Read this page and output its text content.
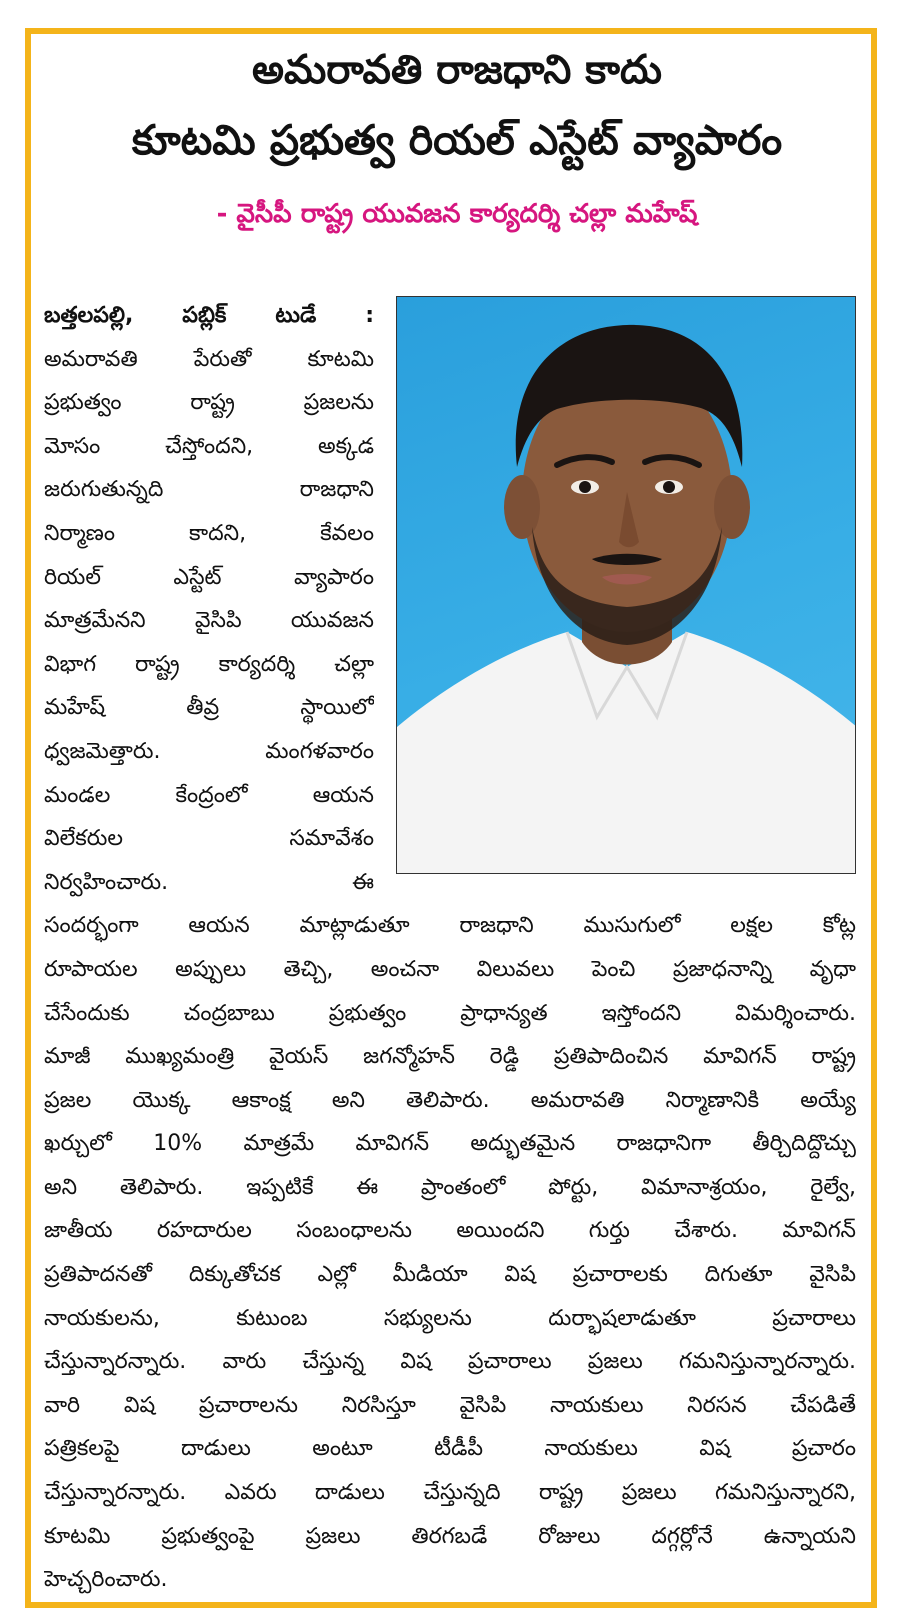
అమరావతి రాజధాని కాదు
కూటమి ప్రభుత్వ రియల్ ఎస్టేట్ వ్యాపారం
- వైసీపీ రాష్ట్ర యువజన కార్యదర్శి చల్లా మహేష్
బత్తలపల్లి, పబ్లిక్ టుడే :
అమరావతి పేరుతో కూటమి
ప్రభుత్వం రాష్ట్ర ప్రజలను
మోసం చేస్తోందని, అక్కడ
జరుగుతున్నది రాజధాని
నిర్మాణం కాదని, కేవలం
రియల్ ఎస్టేట్ వ్యాపారం
మాత్రమేనని వైసిపి యువజన
విభాగ రాష్ట్ర కార్యదర్శి చల్లా
మహేష్ తీవ్ర స్థాయిలో
ధ్వజమెత్తారు. మంగళవారం
మండల కేంద్రంలో ఆయన
విలేకరుల సమావేశం
నిర్వహించారు. ఈ
సందర్భంగా ఆయన మాట్లాడుతూ రాజధాని ముసుగులో లక్షల కోట్ల
రూపాయల అప్పులు తెచ్చి, అంచనా విలువలు పెంచి ప్రజాధనాన్ని వృధా
చేసేందుకు చంద్రబాబు ప్రభుత్వం ప్రాధాన్యత ఇస్తోందని విమర్శించారు.
మాజీ ముఖ్యమంత్రి వైయస్ జగన్మోహన్ రెడ్డి ప్రతిపాదించిన మావిగన్ రాష్ట్ర
ప్రజల యొక్క ఆకాంక్ష అని తెలిపారు. అమరావతి నిర్మాణానికి అయ్యే
ఖర్చులో 10% మాత్రమే మావిగన్ అద్భుతమైన రాజధానిగా తీర్చిదిద్దొచ్చు
అని తెలిపారు. ఇప్పటికే ఈ ప్రాంతంలో పోర్టు, విమానాశ్రయం, రైల్వే,
జాతీయ రహదారుల సంబంధాలను అయిందని గుర్తు చేశారు. మావిగన్
ప్రతిపాదనతో దిక్కుతోచక ఎల్లో మీడియా విష ప్రచారాలకు దిగుతూ వైసిపి
నాయకులను, కుటుంబ సభ్యులను దుర్భాషలాడుతూ ప్రచారాలు
చేస్తున్నారన్నారు. వారు చేస్తున్న విష ప్రచారాలు ప్రజలు గమనిస్తున్నారన్నారు.
వారి విష ప్రచారాలను నిరసిస్తూ వైసిపి నాయకులు నిరసన చేపడితే
పత్రికలపై దాడులు అంటూ టీడీపీ నాయకులు విష ప్రచారం
చేస్తున్నారన్నారు. ఎవరు దాడులు చేస్తున్నది రాష్ట్ర ప్రజలు గమనిస్తున్నారని,
కూటమి ప్రభుత్వంపై ప్రజలు తిరగబడే రోజులు దగ్గర్లోనే ఉన్నాయని
హెచ్చరించారు.
